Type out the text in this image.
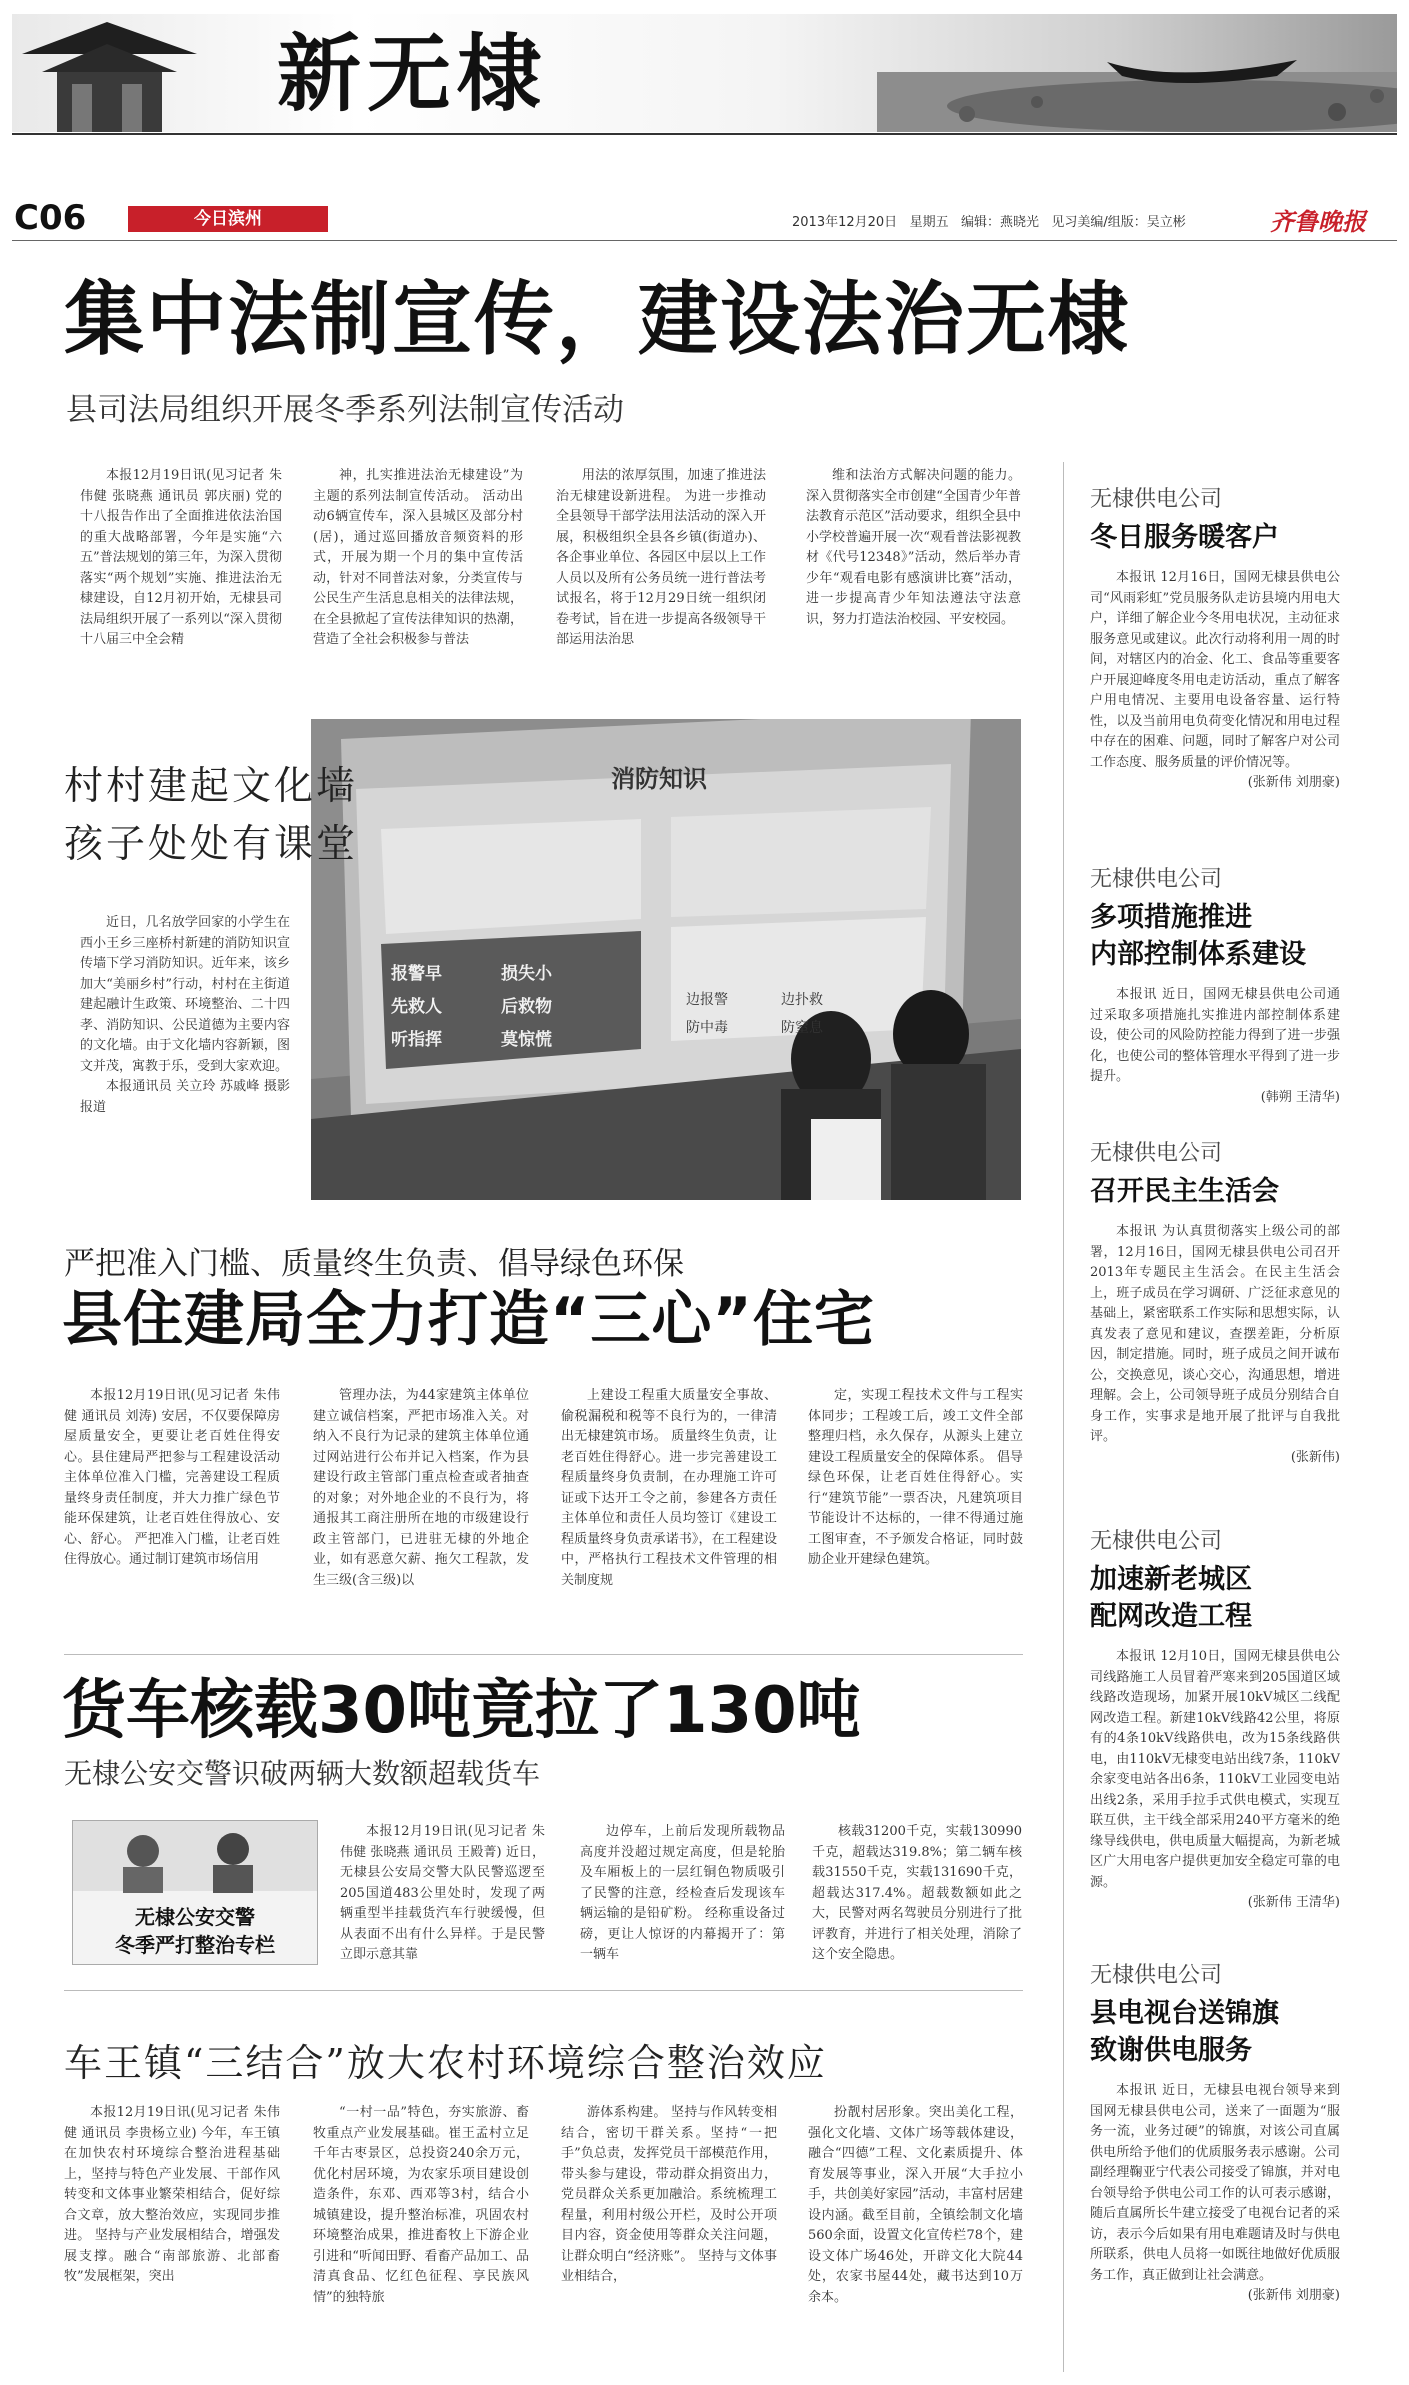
新无棣
C06	今日滨州	2013年12月20日 星期五 编辑：燕晓光 见习美编/组版：吴立彬	齐鲁晚报
集中法制宣传，建设法治无棣
县司法局组织开展冬季系列法制宣传活动

本报12月19日讯(见习记者 朱伟健 张晓燕 通讯员 郭庆丽) 党的十八报告作出了全面推进依法治国的重大战略部署，今年是实施“六五”普法规划的第三年，为深入贯彻落实“两个规划”实施、推进法治无棣建设，自12月初开始，无棣县司法局组织开展了一系列以“深入贯彻十八届三中全会精

神，扎实推进法治无棣建设”为主题的系列法制宣传活动。 活动出动6辆宣传车，深入县城区及部分村(居)，通过巡回播放音频资料的形式，开展为期一个月的集中宣传活动，针对不同普法对象，分类宣传与公民生产生活息息相关的法律法规，在全县掀起了宣传法律知识的热潮，营造了全社会积极参与普法

用法的浓厚氛围，加速了推进法治无棣建设新进程。 为进一步推动全县领导干部学法用法活动的深入开展，积极组织全县各乡镇(街道办)、各企事业单位、各园区中层以上工作人员以及所有公务员统一进行普法考试报名，将于12月29日统一组织闭卷考试，旨在进一步提高各级领导干部运用法治思

维和法治方式解决问题的能力。 深入贯彻落实全市创建“全国青少年普法教育示范区”活动要求，组织全县中小学校普遍开展一次“观看普法影视教材《代号12348》”活动，然后举办青少年“观看电影有感演讲比赛”活动，进一步提高青少年知法遵法守法意识，努力打造法治校园、平安校园。

村村建起文化墙
孩子处处有课堂

近日，几名放学回家的小学生在西小王乡三座桥村新建的消防知识宣传墙下学习消防知识。近年来，该乡加大“美丽乡村”行动，村村在主街道建起融计生政策、环境整治、二十四孝、消防知识、公民道德为主要内容的文化墙。由于文化墙内容新颖，图文并茂，寓教于乐，受到大家欢迎。

本报通讯员 关立玲 苏戚峰 摄影报道

消防知识
报警早	损失小
先救人	后救物
听指挥	莫惊慌
边报警	边扑救
防中毒	防窒息
严把准入门槛、质量终生负责、倡导绿色环保
县住建局全力打造“三心”住宅

本报12月19日讯(见习记者 朱伟健 通讯员 刘涛) 安居，不仅要保障房屋质量安全，更要让老百姓住得安心。县住建局严把参与工程建设活动主体单位准入门槛，完善建设工程质量终身责任制度，并大力推广绿色节能环保建筑，让老百姓住得放心、安心、舒心。 严把准入门槛，让老百姓住得放心。通过制订建筑市场信用

管理办法，为44家建筑主体单位建立诚信档案，严把市场准入关。对纳入不良行为记录的建筑主体单位通过网站进行公布并记入档案，作为县建设行政主管部门重点检查或者抽查的对象；对外地企业的不良行为，将通报其工商注册所在地的市级建设行政主管部门，已进驻无棣的外地企业，如有恶意欠薪、拖欠工程款，发生三级(含三级)以

上建设工程重大质量安全事故、偷税漏税和税等不良行为的，一律清出无棣建筑市场。 质量终生负责，让老百姓住得舒心。进一步完善建设工程质量终身负责制，在办理施工许可证或下达开工令之前，参建各方责任主体单位和责任人员均签订《建设工程质量终身负责承诺书》，在工程建设中，严格执行工程技术文件管理的相关制度规

定，实现工程技术文件与工程实体同步；工程竣工后，竣工文件全部整理归档，永久保存，从源头上建立建设工程质量安全的保障体系。 倡导绿色环保，让老百姓住得舒心。实行“建筑节能”一票否决，凡建筑项目节能设计不达标的，一律不得通过施工图审查，不予颁发合格证，同时鼓励企业开建绿色建筑。

货车核载30吨竟拉了130吨
无棣公安交警识破两辆大数额超载货车
无棣公安交警
冬季严打整治专栏

本报12月19日讯(见习记者 朱伟健 张晓燕 通讯员 王殿菁) 近日，无棣县公安局交警大队民警巡逻至205国道483公里处时，发现了两辆重型半挂载货汽车行驶缓慢，但从表面不出有什么异样。于是民警立即示意其靠

边停车，上前后发现所载物品高度并没超过规定高度，但是轮胎及车厢板上的一层红铜色物质吸引了民警的注意，经检查后发现该车辆运输的是铅矿粉。 经称重设备过磅，更让人惊讶的内幕揭开了：第一辆车

核载31200千克，实载130990千克，超载达319.8%；第二辆车核载31550千克，实载131690千克，超载达317.4%。超载数额如此之大，民警对两名驾驶员分别进行了批评教育，并进行了相关处理，消除了这个安全隐患。

车王镇“三结合”放大农村环境综合整治效应

本报12月19日讯(见习记者 朱伟健 通讯员 李贵杨立业) 今年，车王镇在加快农村环境综合整治进程基础上，坚持与特色产业发展、干部作风转变和文体事业繁荣相结合，促好综合文章，放大整治效应，实现同步推进。 坚持与产业发展相结合，增强发展支撑。融合“南部旅游、北部畜牧”发展框架，突出

“一村一品”特色，夯实旅游、畜牧重点产业发展基础。崔王孟村立足千年古枣景区，总投资240余万元，优化村居环境，为农家乐项目建设创造条件，东邓、西邓等3村，结合小城镇建设，提升整治标准，巩固农村环境整治成果，推进畜牧上下游企业引进和“听闻田野、看畜产品加工、品清真食品、忆红色征程、享民族风情”的独特旅

游体系构建。 坚持与作风转变相结合，密切干群关系。坚持“一把手”负总责，发挥党员干部模范作用，带头参与建设，带动群众捐资出力，党员群众关系更加融洽。系统梳理工程量，利用村级公开栏，及时公开项目内容，资金使用等群众关注问题，让群众明白“经济账”。 坚持与文体事业相结合，

扮靓村居形象。突出美化工程，强化文化墙、文体广场等载体建设，融合“四德”工程、文化素质提升、体育发展等事业，深入开展“大手拉小手，共创美好家园”活动，丰富村居建设内涵。截至目前，全镇绘制文化墙560余面，设置文化宣传栏78个，建设文体广场46处，开辟文化大院44处，农家书屋44处，藏书达到10万余本。

无棣供电公司
冬日服务暖客户

本报讯 12月16日，国网无棣县供电公司“风雨彩虹”党员服务队走访县境内用电大户，详细了解企业今冬用电状况，主动征求服务意见或建议。此次行动将利用一周的时间，对辖区内的冶金、化工、食品等重要客户开展迎峰度冬用电走访活动，重点了解客户用电情况、主要用电设备容量、运行特性，以及当前用电负荷变化情况和用电过程中存在的困难、问题，同时了解客户对公司工作态度、服务质量的评价情况等。

(张新伟 刘朋豪)
无棣供电公司
多项措施推进
内部控制体系建设

本报讯 近日，国网无棣县供电公司通过采取多项措施扎实推进内部控制体系建设，使公司的风险防控能力得到了进一步强化，也使公司的整体管理水平得到了进一步提升。

(韩朔 王清华)
无棣供电公司
召开民主生活会

本报讯 为认真贯彻落实上级公司的部署，12月16日，国网无棣县供电公司召开2013年专题民主生活会。在民主生活会上，班子成员在学习调研、广泛征求意见的基础上，紧密联系工作实际和思想实际，认真发表了意见和建议，查摆差距，分析原因，制定措施。同时，班子成员之间开诚布公，交换意见，谈心交心，沟通思想，增进理解。会上，公司领导班子成员分别结合自身工作，实事求是地开展了批评与自我批评。

(张新伟)
无棣供电公司
加速新老城区
配网改造工程

本报讯 12月10日，国网无棣县供电公司线路施工人员冒着严寒来到205国道区域线路改造现场，加紧开展10kV城区二线配网改造工程。新建10kV线路42公里，将原有的4条10kV线路供电，改为15条线路供电，由110kV无棣变电站出线7条，110kV余家变电站各出6条，110kV工业园变电站出线2条，采用手拉手式供电模式，实现互联互供，主干线全部采用240平方毫米的绝缘导线供电，供电质量大幅提高，为新老城区广大用电客户提供更加安全稳定可靠的电源。

(张新伟 王清华)
无棣供电公司
县电视台送锦旗
致谢供电服务

本报讯 近日，无棣县电视台领导来到国网无棣县供电公司，送来了一面题为“服务一流，业务过硬”的锦旗，对该公司直属供电所给予他们的优质服务表示感谢。公司副经理鞠亚宁代表公司接受了锦旗，并对电台领导给予供电公司工作的认可表示感谢，随后直属所长牛建立接受了电视台记者的采访，表示今后如果有用电难题请及时与供电所联系，供电人员将一如既往地做好优质服务工作，真正做到让社会满意。

(张新伟 刘朋豪)
